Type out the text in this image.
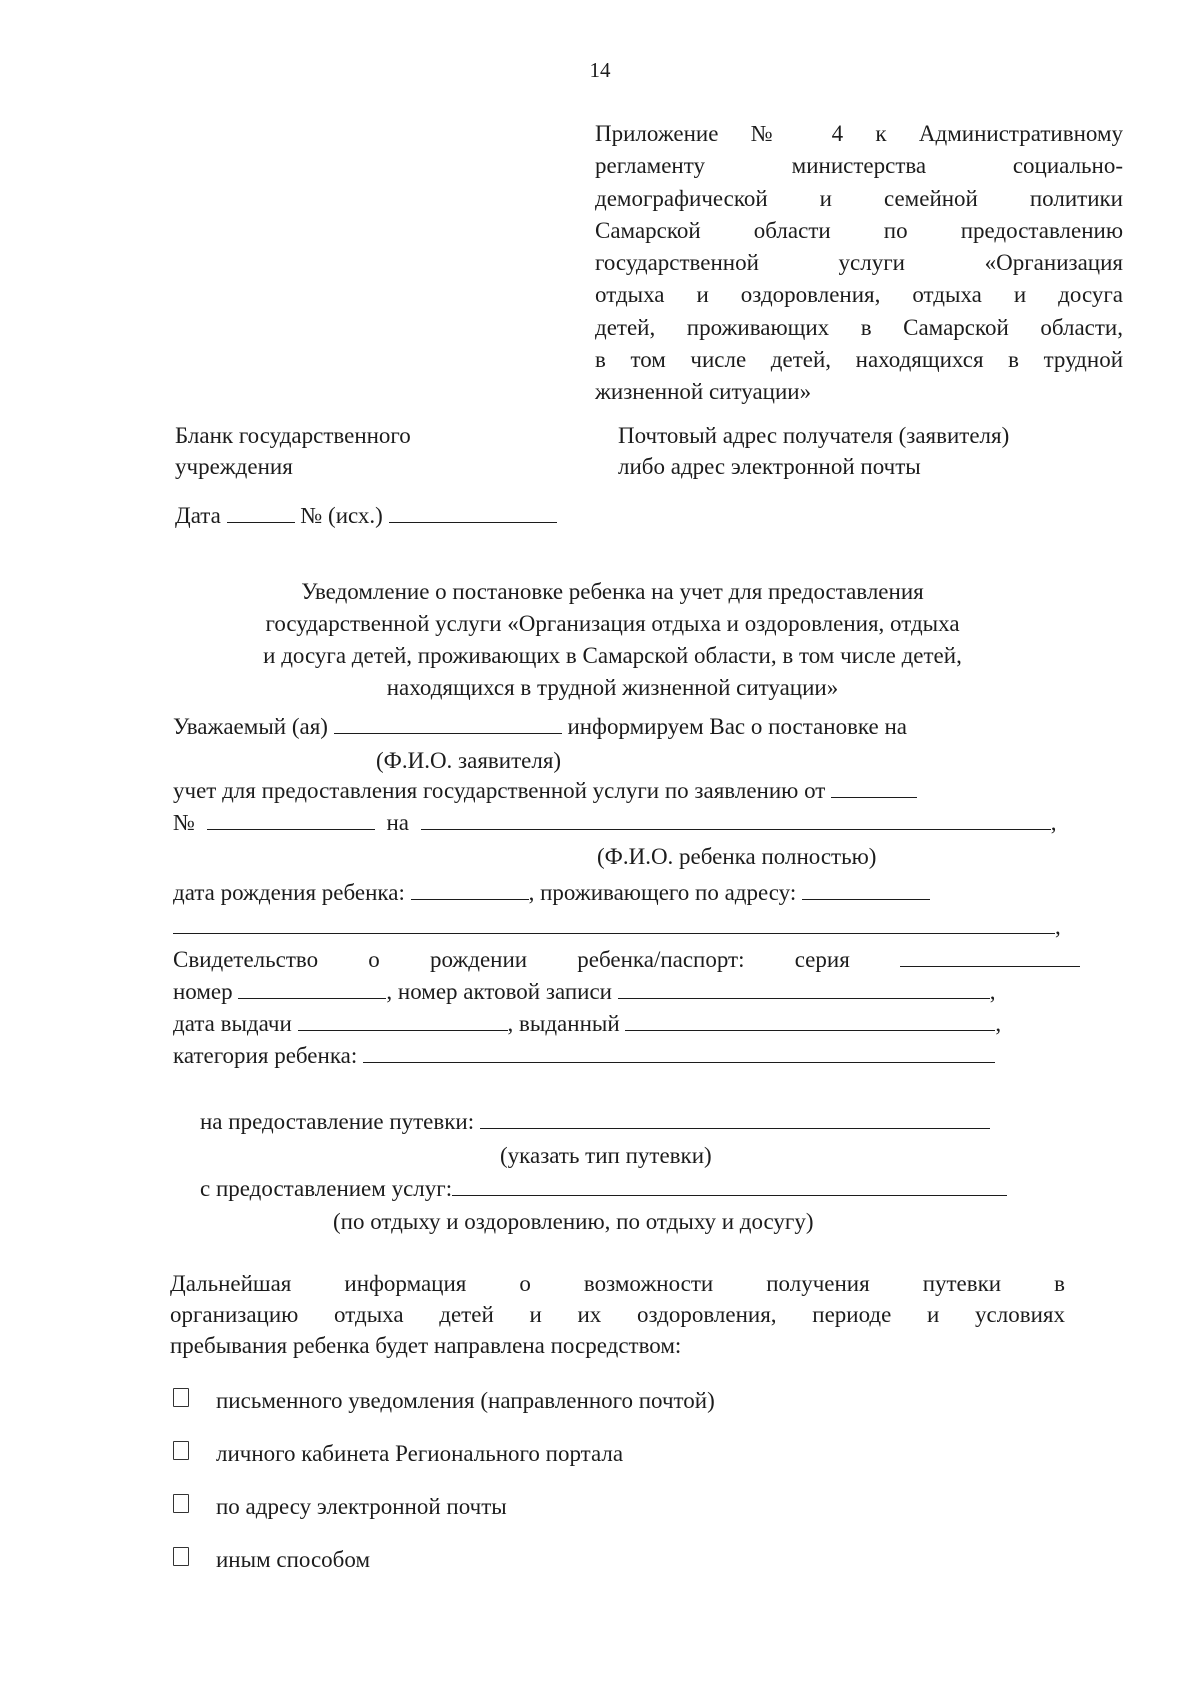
14
Приложение № 4 к Административному
регламенту министерства социально-
демографической и семейной политики
Самарской области по предоставлению
государственной услуги «Организация
отдыха и оздоровления, отдыха и досуга
детей, проживающих в Самарской области,
в том числе детей, находящихся в трудной
жизненной ситуации»
Бланк государственного
учреждения
Почтовый адрес получателя (заявителя)
либо адрес электронной почты
Дата	№ (исх.)
Уведомление о постановке ребенка на учет для предоставления
государственной услуги «Организация отдыха и оздоровления, отдыха
и досуга детей, проживающих в Самарской области, в том числе детей,
находящихся в трудной жизненной ситуации»
Уважаемый (ая)	информируем Вас о постановке на
(Ф.И.О. заявителя)
учет для предоставления государственной услуги по заявлению от
№	на	,
(Ф.И.О. ребенка полностью)
дата рождения ребенка:	, проживающего по адресу:
,
Свидетельство о рождении ребенка/паспорт: серия
номер	, номер актовой записи	,
дата выдачи	, выданный	,
категория ребенка:
на предоставление путевки:
(указать тип путевки)
с предоставлением услуг:
(по отдыху и оздоровлению, по отдыху и досугу)
Дальнейшая информация о возможности получения путевки в
организацию отдыха детей и их оздоровления, периоде и условиях
пребывания ребенка будет направлена посредством:
письменного уведомления (направленного почтой)
личного кабинета Регионального портала
по адресу электронной почты
иным способом
